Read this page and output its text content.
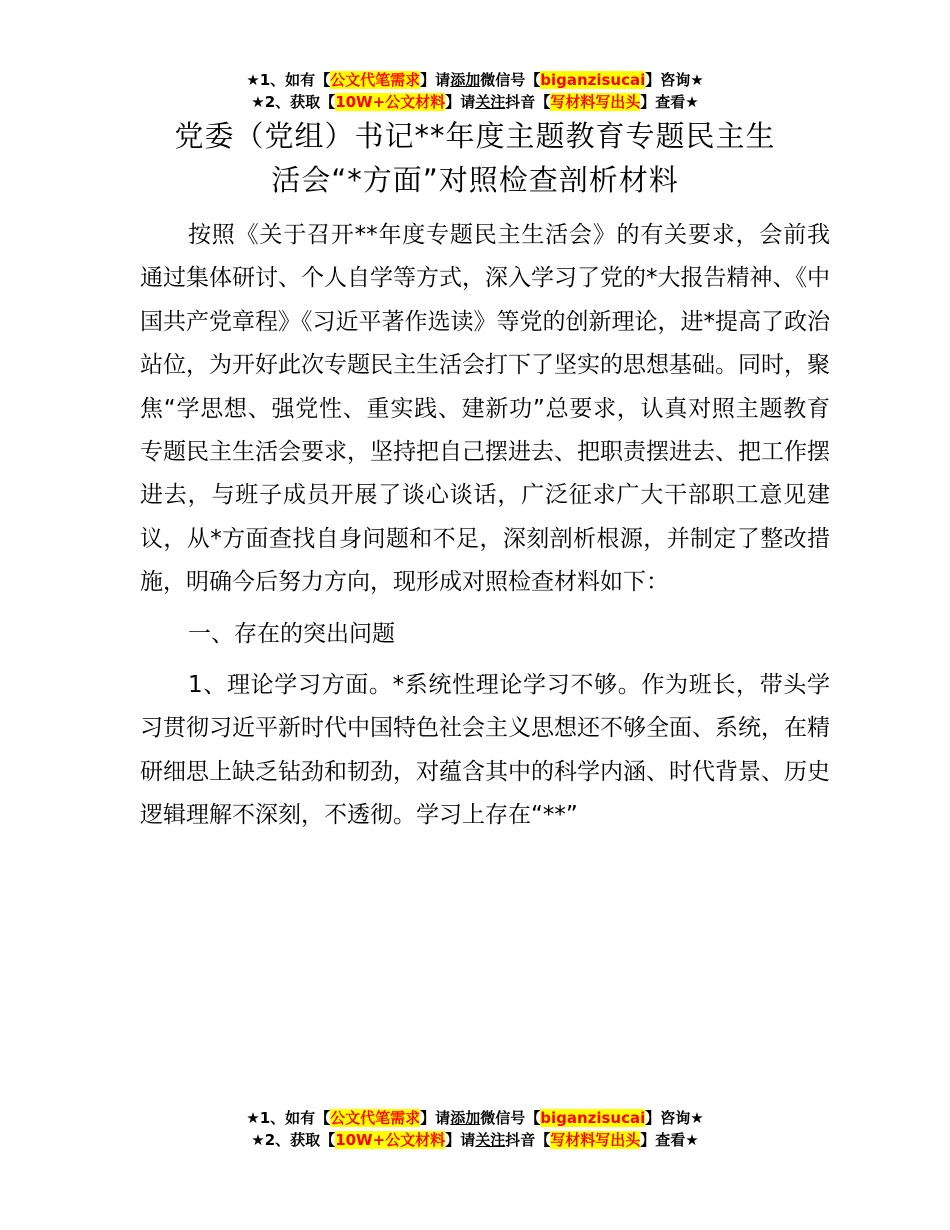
★1、如有【公文代笔需求】请添加微信号【biganzisucai】咨询★
★2、获取【10W+公文材料】请关注抖音【写材料写出头】查看★
党委（党组）书记**年度主题教育专题民主生
活会“*方面”对照检查剖析材料

按照《关于召开**年度专题民主生活会》的有关要求，会前我通过集体研讨、个人自学等方式，深入学习了党的*大报告精神、《中国共产党章程》《习近平著作选读》等党的创新理论，进*提高了政治站位，为开好此次专题民主生活会打下了坚实的思想基础。同时，聚焦“学思想、强党性、重实践、建新功”总要求，认真对照主题教育专题民主生活会要求，坚持把自己摆进去、把职责摆进去、把工作摆进去，与班子成员开展了谈心谈话，广泛征求广大干部职工意见建议，从*方面查找自身问题和不足，深刻剖析根源，并制定了整改措施，明确今后努力方向，现形成对照检查材料如下：

一、存在的突出问题

1、理论学习方面。*系统性理论学习不够。作为班长，带头学习贯彻习近平新时代中国特色社会主义思想还不够全面、系统，在精研细思上缺乏钻劲和韧劲，对蕴含其中的科学内涵、时代背景、历史逻辑理解不深刻，不透彻。学习上存在“**”

★1、如有【公文代笔需求】请添加微信号【biganzisucai】咨询★
★2、获取【10W+公文材料】请关注抖音【写材料写出头】查看★
